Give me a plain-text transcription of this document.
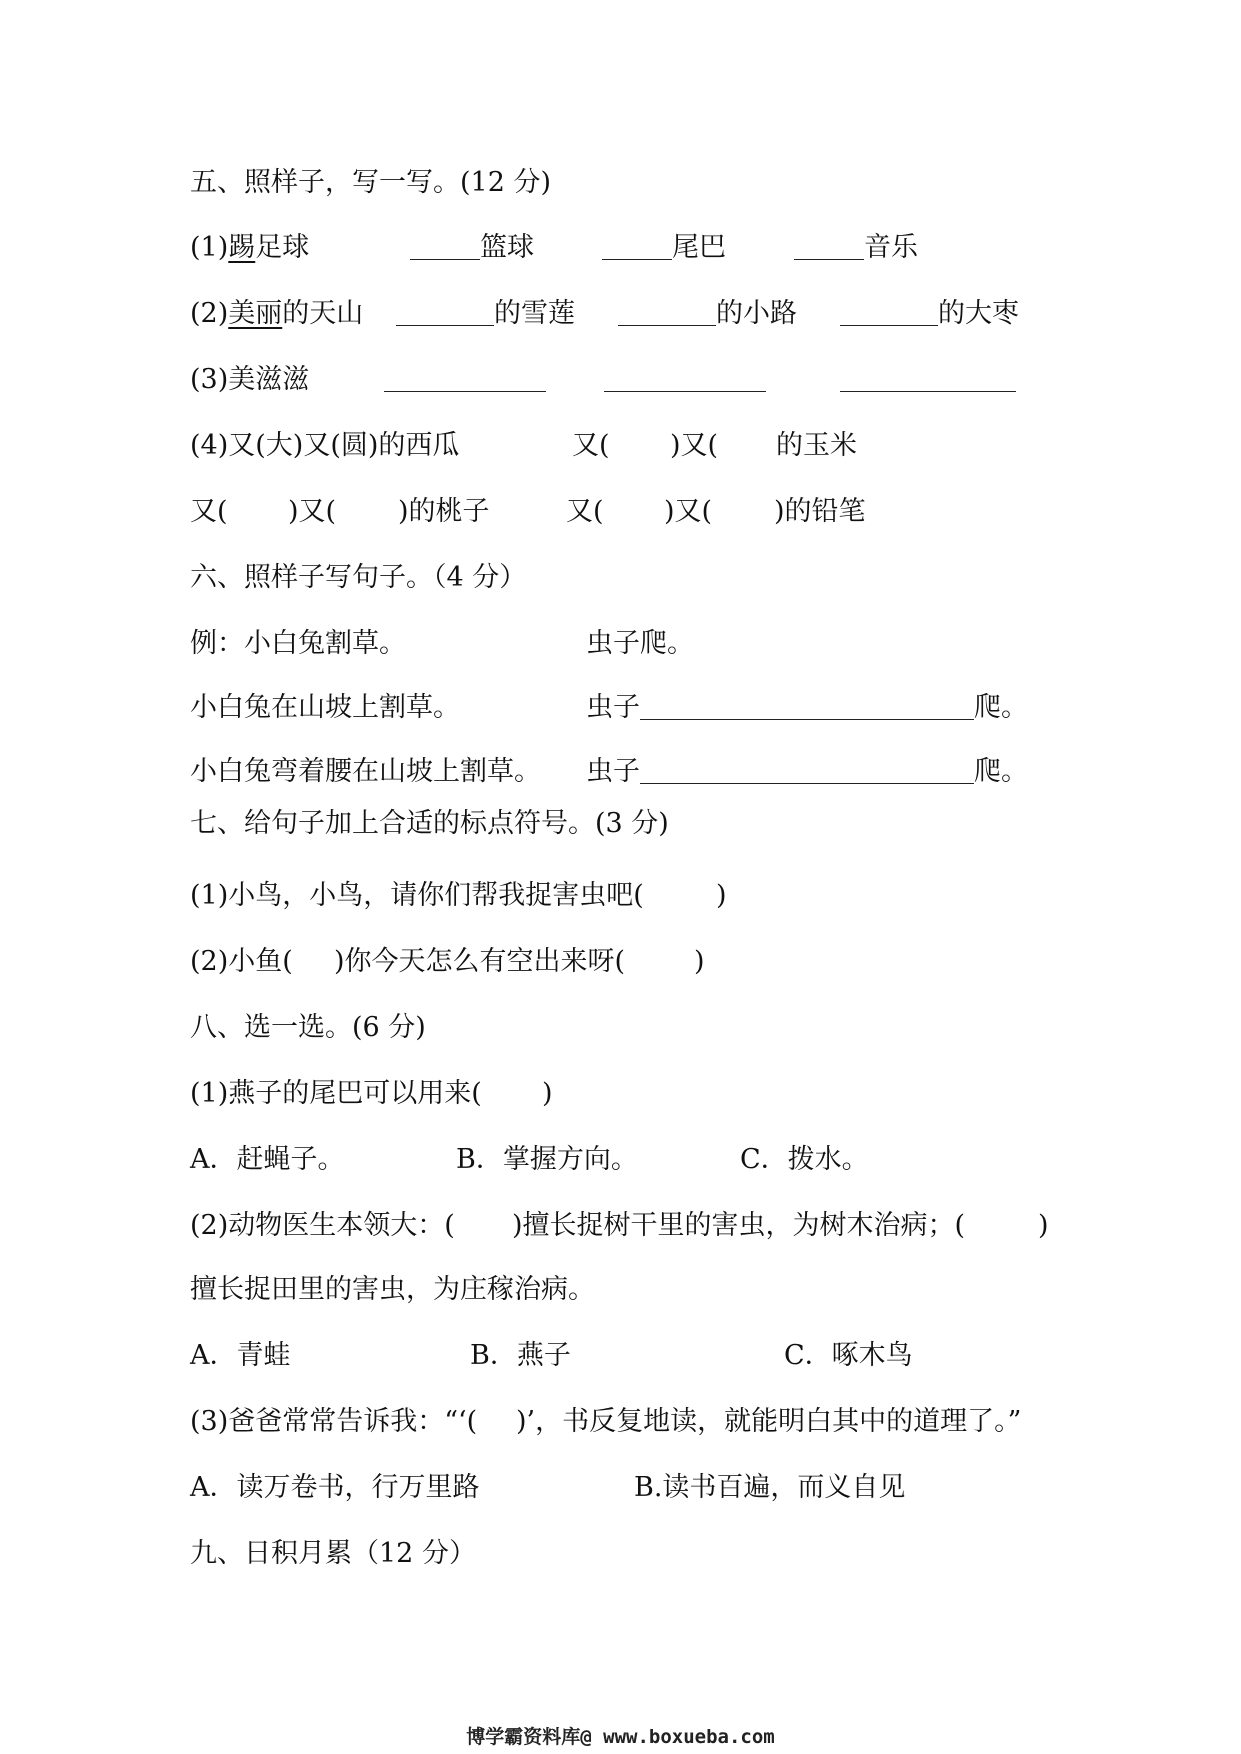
五、照样子，写一写。(12 分)
(1)踢足球	篮球	尾巴	音乐
(2)美丽的天山	的雪莲	的小路	的大枣
(3)美滋滋
(4)又(大)又(圆)的西瓜	又( )又( 的玉米
又( )又( )的桃子	又( )又( )的铅笔
六、照样子写句子。（4 分）
例：小白兔割草。	虫子爬。
小白兔在山坡上割草。	虫子	爬。
小白兔弯着腰在山坡上割草。 虫子	爬。
七、给句子加上合适的标点符号。(3 分)
(1)小鸟，小鸟，请你们帮我捉害虫吧(	)
(2)小鱼( )你今天怎么有空出来呀(	)
八、选一选。(6 分)
(1)燕子的尾巴可以用来( )
A．赶蝇子。	B．掌握方向。	C．拨水。
(2)动物医生本领大：( )擅长捉树干里的害虫，为树木治病；(	)
擅长捉田里的害虫，为庄稼治病。
A．青蛙	B．燕子	C．啄木鸟
(3)爸爸常常告诉我：“‘( )’，书反复地读，就能明白其中的道理了。”
A．读万卷书，行万里路	B.读书百遍，而义自见
九、日积月累（12 分）
博学霸资料库@ www.boxueba.com
